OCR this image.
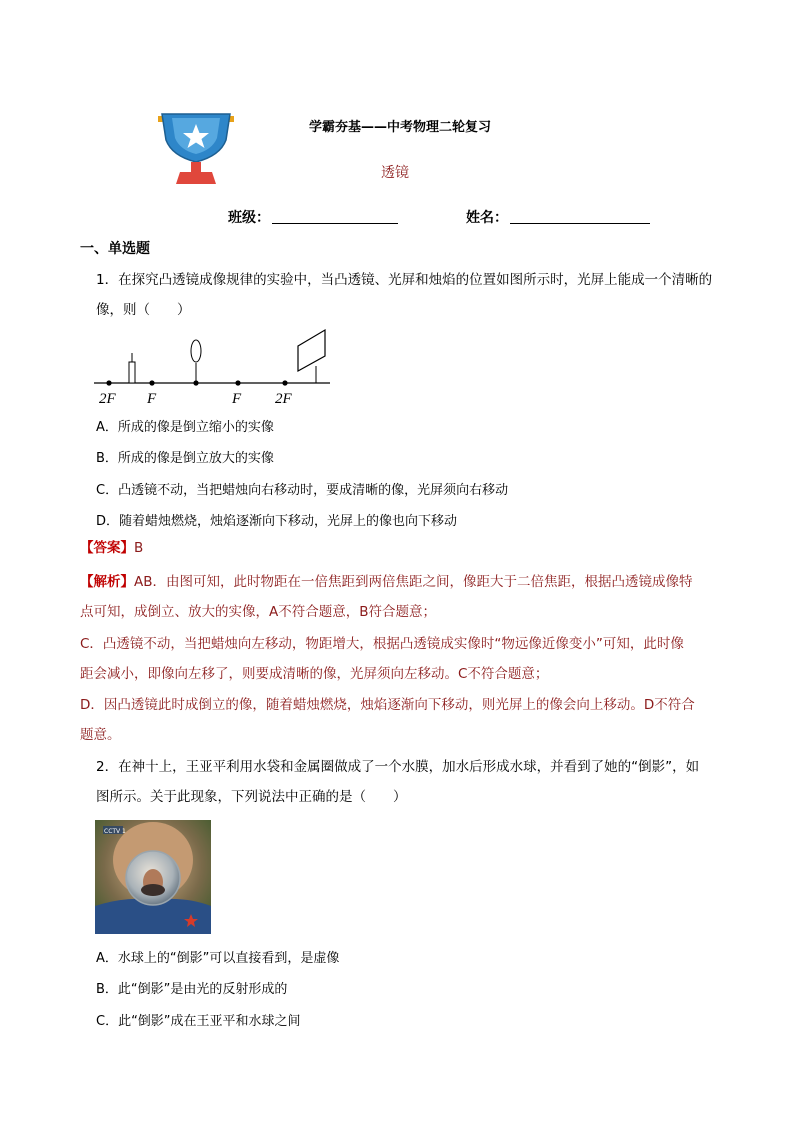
学霸夯基——中考物理二轮复习
透镜
班级：	姓名：
一、单选题
1．在探究凸透镜成像规律的实验中，当凸透镜、光屏和烛焰的位置如图所示时，光屏上能成一个清晰的
像，则（　　）
2F F	F 2F
A．所成的像是倒立缩小的实像
B．所成的像是倒立放大的实像
C．凸透镜不动，当把蜡烛向右移动时，要成清晰的像，光屏须向右移动
D．随着蜡烛燃烧，烛焰逐渐向下移动，光屏上的像也向下移动
【答案】B
【解析】AB．由图可知，此时物距在一倍焦距到两倍焦距之间，像距大于二倍焦距，根据凸透镜成像特
点可知，成倒立、放大的实像，A不符合题意，B符合题意；
C．凸透镜不动，当把蜡烛向左移动，物距增大，根据凸透镜成实像时“物远像近像变小”可知，此时像
距会减小，即像向左移了，则要成清晰的像，光屏须向左移动。C不符合题意；
D．因凸透镜此时成倒立的像，随着蜡烛燃烧，烛焰逐渐向下移动，则光屏上的像会向上移动。D不符合
题意。
2．在神十上，王亚平利用水袋和金属圈做成了一个水膜，加水后形成水球，并看到了她的“倒影”，如
图所示。关于此现象，下列说法中正确的是（　　）
CCTV 1
A．水球上的“倒影”可以直接看到，是虚像
B．此“倒影”是由光的反射形成的
C．此“倒影”成在王亚平和水球之间
